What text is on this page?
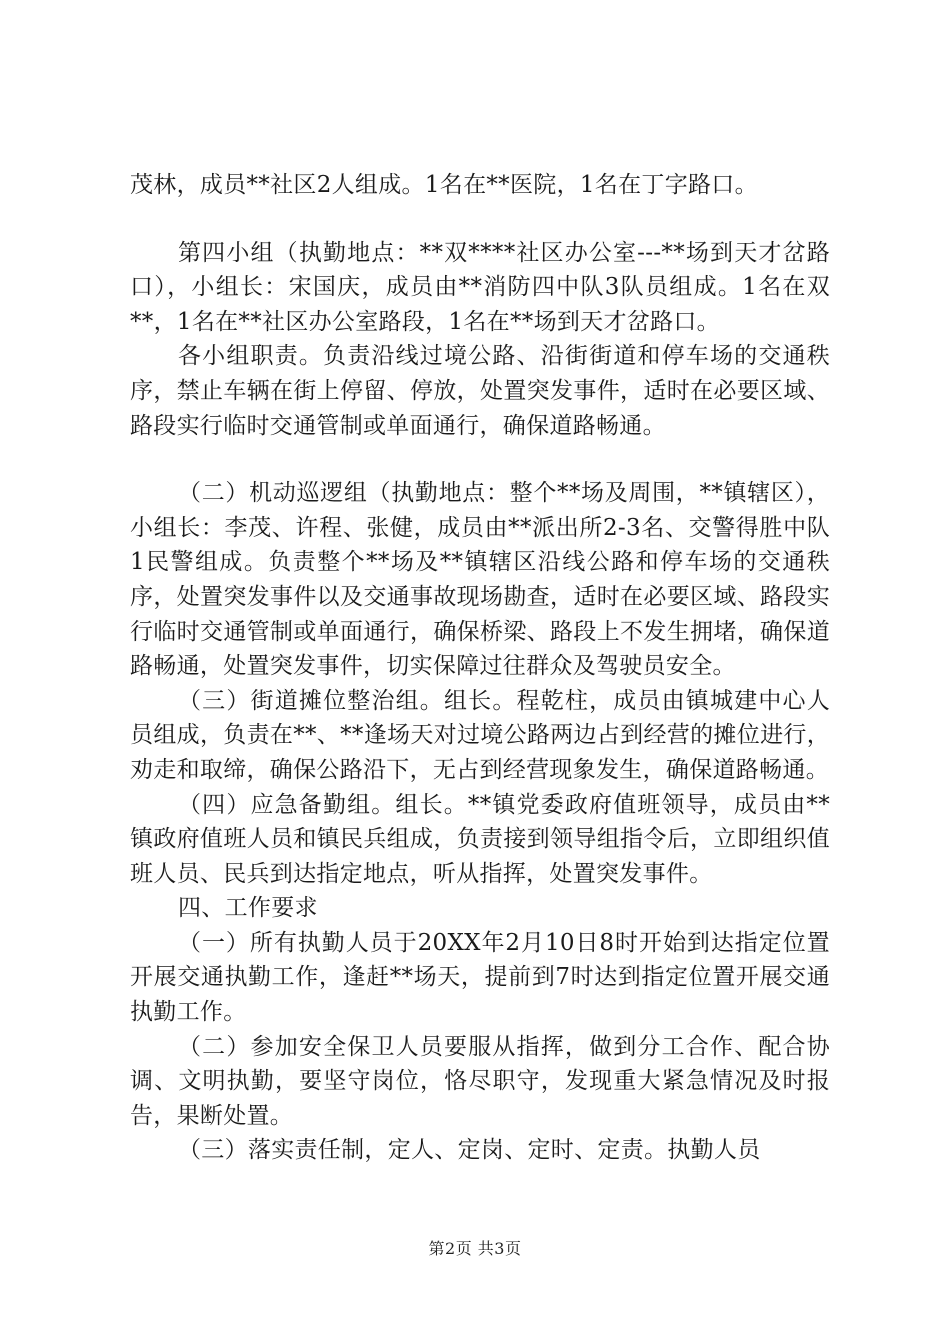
茂林，成员**社区2人组成。1名在**医院，1名在丁字路口。

第四小组（执勤地点：**双****社区办公室---**场到天才岔路口），小组长：宋国庆，成员由**消防四中队3队员组成。1名在双**，1名在**社区办公室路段，1名在**场到天才岔路口。

各小组职责。负责沿线过境公路、沿街街道和停车场的交通秩序，禁止车辆在街上停留、停放，处置突发事件，适时在必要区域、路段实行临时交通管制或单面通行，确保道路畅通。

（二）机动巡逻组（执勤地点：整个**场及周围，**镇辖区），小组长：李茂、许程、张健，成员由**派出所2-3名、交警得胜中队1民警组成。负责整个**场及**镇辖区沿线公路和停车场的交通秩序，处置突发事件以及交通事故现场勘查，适时在必要区域、路段实行临时交通管制或单面通行，确保桥梁、路段上不发生拥堵，确保道路畅通，处置突发事件，切实保障过往群众及驾驶员安全。

（三）街道摊位整治组。组长。程乾柱，成员由镇城建中心人员组成，负责在**、**逢场天对过境公路两边占到经营的摊位进行，劝走和取缔，确保公路沿下，无占到经营现象发生，确保道路畅通。

（四）应急备勤组。组长。**镇党委政府值班领导，成员由**镇政府值班人员和镇民兵组成，负责接到领导组指令后，立即组织值班人员、民兵到达指定地点，听从指挥，处置突发事件。

四、工作要求

（一）所有执勤人员于20XX年2月10日8时开始到达指定位置开展交通执勤工作，逢赶**场天，提前到7时达到指定位置开展交通执勤工作。

（二）参加安全保卫人员要服从指挥，做到分工合作、配合协调、文明执勤，要坚守岗位，恪尽职守，发现重大紧急情况及时报告，果断处置。

（三）落实责任制，定人、定岗、定时、定责。执勤人员

第2页 共3页
